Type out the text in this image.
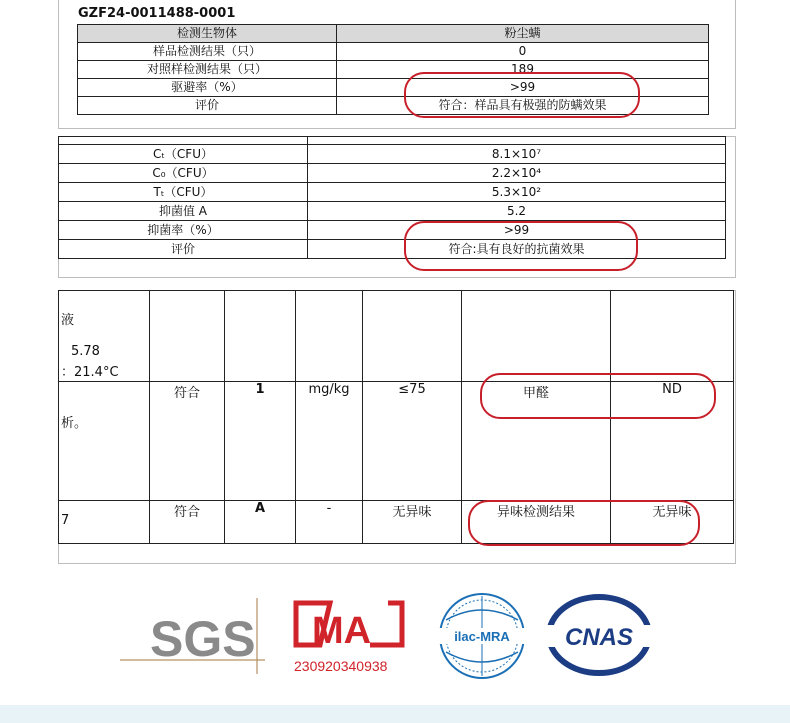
GZF24-0011488-0001
检测生物体	粉尘螨
样品检测结果（只）	0
对照样检测结果（只）	189
驱避率（%）	>99
评价	符合：样品具有极强的防螨效果

Cₜ（CFU）	8.1×10⁷
C₀（CFU）	2.2×10⁴
Tₜ（CFU）	5.3×10²
抑菌值 A	5.2
抑菌率（%）	>99
评价	符合:具有良好的抗菌效果
液
5.78
：21.4°C						

析。	符合	1	mg/kg	≤75	甲醛	ND

7	符合	A	-	无异味	异味检测结果	无异味
SGS MA
230920340938
ilac-MRA CNAS
